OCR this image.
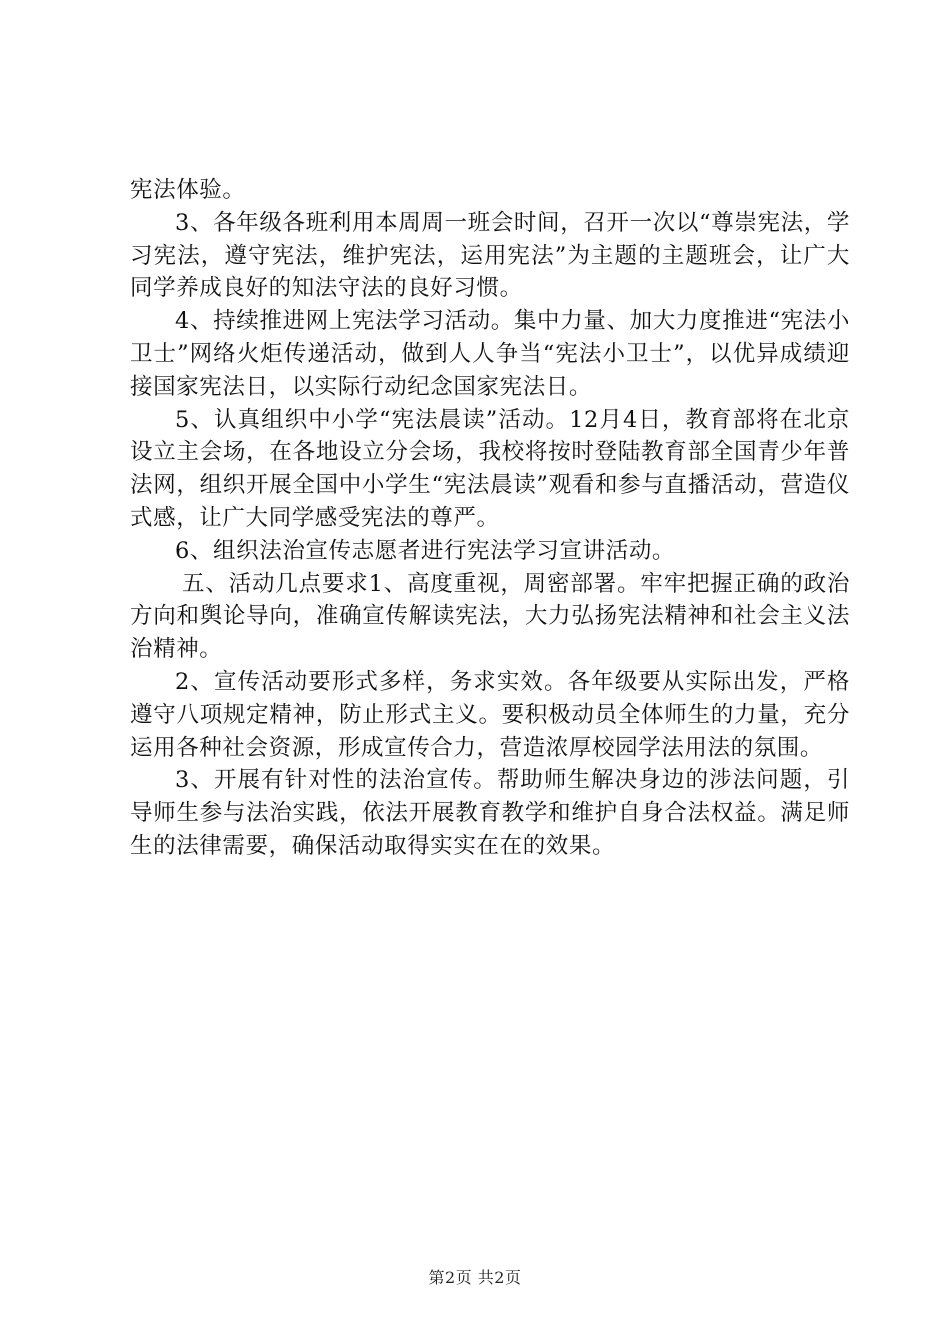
宪法体验。

3、各年级各班利用本周周一班会时间，召开一次以“尊崇宪法，学习宪法，遵守宪法，维护宪法，运用宪法”为主题的主题班会，让广大同学养成良好的知法守法的良好习惯。

4、持续推进网上宪法学习活动。集中力量、加大力度推进“宪法小卫士”网络火炬传递活动，做到人人争当“宪法小卫士”，以优异成绩迎接国家宪法日，以实际行动纪念国家宪法日。

5、认真组织中小学“宪法晨读”活动。12月4日，教育部将在北京设立主会场，在各地设立分会场，我校将按时登陆教育部全国青少年普法网，组织开展全国中小学生“宪法晨读”观看和参与直播活动，营造仪式感，让广大同学感受宪法的尊严。

6、组织法治宣传志愿者进行宪法学习宣讲活动。

五、活动几点要求1、高度重视，周密部署。牢牢把握正确的政治方向和舆论导向，准确宣传解读宪法，大力弘扬宪法精神和社会主义法治精神。

2、宣传活动要形式多样，务求实效。各年级要从实际出发，严格遵守八项规定精神，防止形式主义。要积极动员全体师生的力量，充分运用各种社会资源，形成宣传合力，营造浓厚校园学法用法的氛围。

3、开展有针对性的法治宣传。帮助师生解决身边的涉法问题，引导师生参与法治实践，依法开展教育教学和维护自身合法权益。满足师生的法律需要，确保活动取得实实在在的效果。

第2页 共2页
